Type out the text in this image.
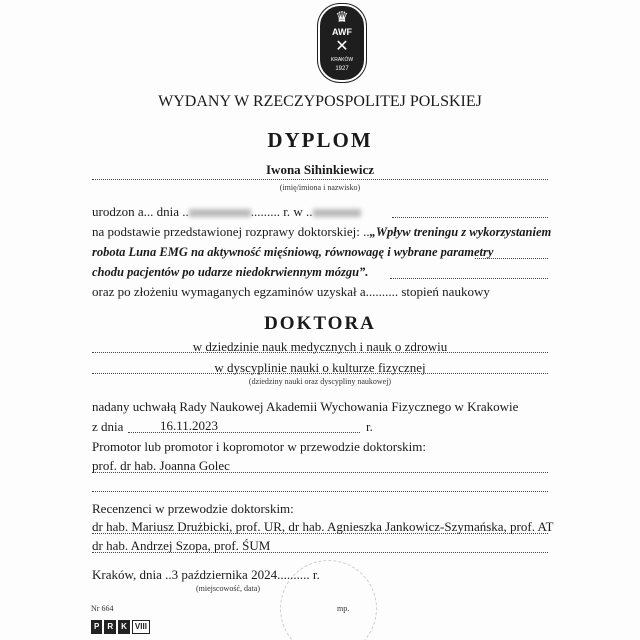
♛
AWF
✕
KRAKÓW
1927
WYDANY W RZECZYPOSPOLITEJ POLSKIEJ
DYPLOM
Iwona Sihinkiewicz
(imię/imiona i nazwisko)
urodzon a... dnia ..	......... r. w ..
na podstawie przedstawionej rozprawy doktorskiej: ..„Wpływ treningu z wykorzystaniem
robota Luna EMG na aktywność mięśniową, równowagę i wybrane parametry
chodu pacjentów po udarze niedokrwiennym mózgu”.
oraz po złożeniu wymaganych egzaminów uzyskał a.......... stopień naukowy
DOKTORA
w dziedzinie nauk medycznych i nauk o zdrowiu
w dyscyplinie nauki o kulturze fizycznej
(dziedziny nauki oraz dyscypliny naukowej)
nadany uchwałą Rady Naukowej Akademii Wychowania Fizycznego w Krakowie
z dnia	16.11.2023	r.
Promotor lub promotor i kopromotor w przewodzie doktorskim:
prof. dr hab. Joanna Golec
Recenzenci w przewodzie doktorskim:
dr hab. Mariusz Drużbicki, prof. UR, dr hab. Agnieszka Jankowicz-Szymańska, prof. AT
dr hab. Andrzej Szopa, prof. ŚUM
Kraków, dnia ..3 października 2024.......... r.
(miejscowość, data)
Nr 664	mp.
P	R	K	VIII
